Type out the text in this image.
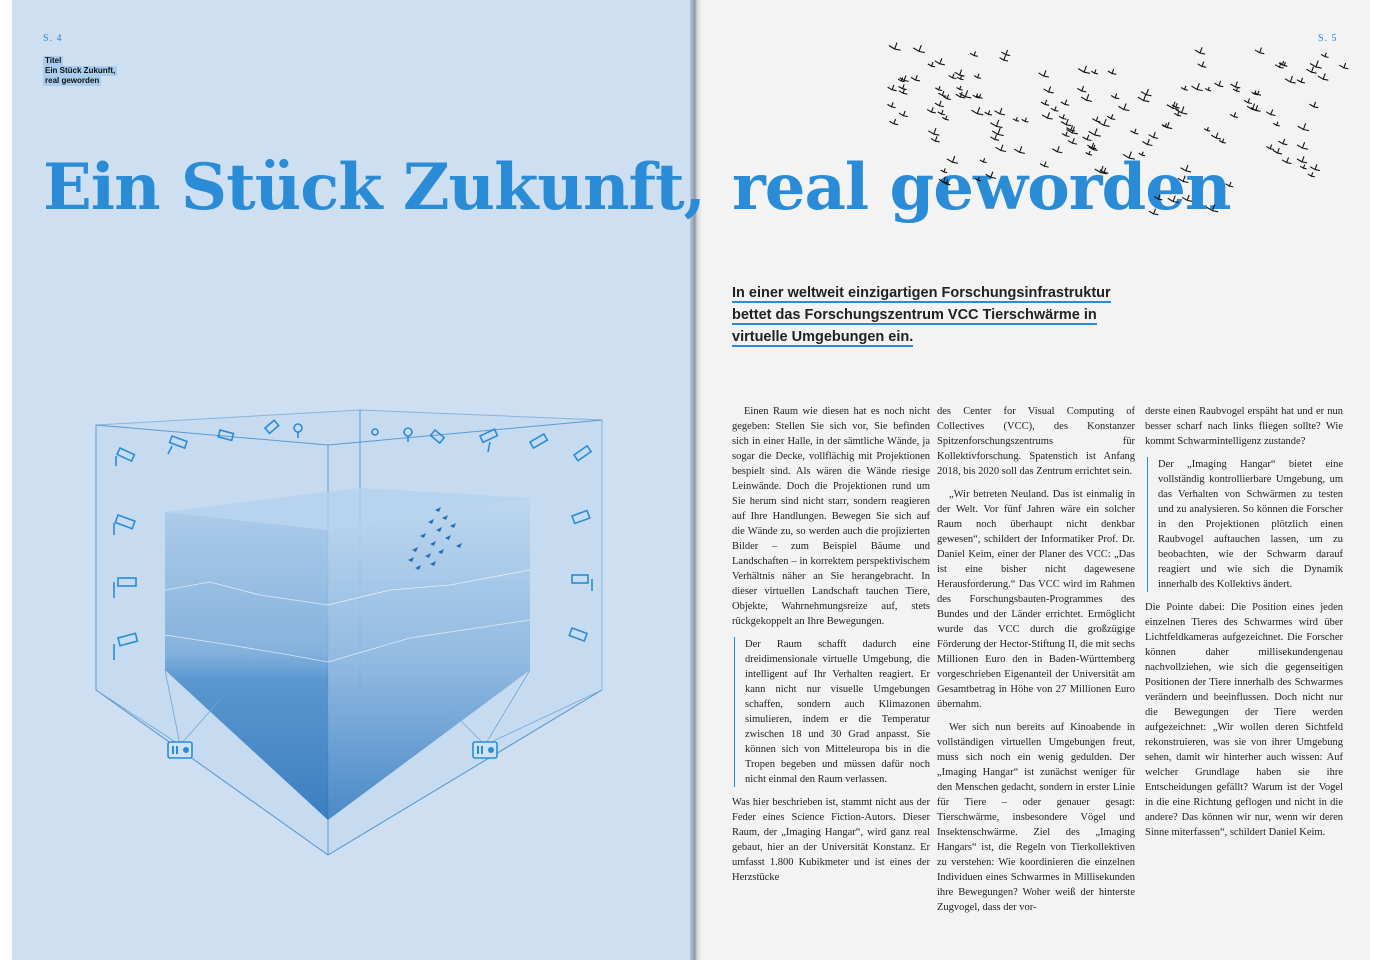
S. 4
Titel
Ein Stück Zukunft,
real geworden
Ein Stück Zukunft,
S. 5
real geworden
In einer weltweit einzigartigen Forschungsinfrastruktur
bettet das Forschungszentrum VCC Tierschwärme in
virtuelle Umgebungen ein.

Einen Raum wie diesen hat es noch nicht gegeben: Stellen Sie sich vor, Sie befinden sich in einer Halle, in der sämtliche Wände, ja sogar die Decke, vollflächig mit Projektionen bespielt sind. Als wären die Wände riesige Leinwände. Doch die Projektionen rund um Sie herum sind nicht starr, sondern reagieren auf Ihre Handlungen. Bewegen Sie sich auf die Wände zu, so werden auch die projizierten Bilder – zum Beispiel Bäume und Landschaften – in korrektem perspektivischem Verhältnis näher an Sie herangebracht. In dieser virtuellen Landschaft tauchen Tiere, Objekte, Wahrnehmungsreize auf, stets rückgekoppelt an Ihre Bewegungen.

Der Raum schafft dadurch eine dreidimensionale virtuelle Umgebung, die intelligent auf Ihr Verhalten reagiert. Er kann nicht nur visuelle Umgebungen schaffen, sondern auch Klimazonen simulieren, indem er die Temperatur zwischen 18 und 30 Grad anpasst. Sie können sich von Mitteleuropa bis in die Tropen begeben und müssen dafür noch nicht einmal den Raum verlassen.

Was hier beschrieben ist, stammt nicht aus der Feder eines Science Fiction-Autors. Dieser Raum, der „Imaging Hangar“, wird ganz real gebaut, hier an der Universität Konstanz. Er umfasst 1.800 Kubikmeter und ist eines der Herzstücke

des Center for Visual Computing of Collectives (VCC), des Konstanzer Spitzenforschungszentrums für Kollektivforschung. Spatenstich ist Anfang 2018, bis 2020 soll das Zentrum errichtet sein.

„Wir betreten Neuland. Das ist einmalig in der Welt. Vor fünf Jahren wäre ein solcher Raum noch überhaupt nicht denkbar gewesen“, schildert der Informatiker Prof. Dr. Daniel Keim, einer der Planer des VCC: „Das ist eine bisher nicht dagewesene Herausforderung.“ Das VCC wird im Rahmen des Forschungsbauten-Programmes des Bundes und der Länder errichtet. Ermöglicht wurde das VCC durch die großzügige Förderung der Hector-Stiftung II, die mit sechs Millionen Euro den in Baden-Württemberg vorgeschrieben Eigenanteil der Universität am Gesamtbetrag in Höhe von 27 Millionen Euro übernahm.

Wer sich nun bereits auf Kinoabende in vollständigen virtuellen Umgebungen freut, muss sich noch ein wenig gedulden. Der „Imaging Hangar“ ist zunächst weniger für den Menschen gedacht, sondern in erster Linie für Tiere – oder genauer gesagt: Tierschwärme, insbesondere Vögel und Insektenschwärme. Ziel des „Imaging Hangars“ ist, die Regeln von Tierkollektiven zu verstehen: Wie koordinieren die einzelnen Individuen eines Schwarmes in Millisekunden ihre Bewegungen? Woher weiß der hinterste Zugvogel, dass der vor-

derste einen Raubvogel erspäht hat und er nun besser scharf nach links fliegen sollte? Wie kommt Schwarmintelligenz zustande?

Der „Imaging Hangar“ bietet eine vollständig kontrollierbare Umgebung, um das Verhalten von Schwärmen zu testen und zu analysieren. So können die Forscher in den Projektionen plötzlich einen Raubvogel auftauchen lassen, um zu beobachten, wie der Schwarm darauf reagiert und wie sich die Dynamik innerhalb des Kollektivs ändert.

Die Pointe dabei: Die Position eines jeden einzelnen Tieres des Schwarmes wird über Lichtfeldkameras aufgezeichnet. Die Forscher können daher millisekundengenau nachvollziehen, wie sich die gegenseitigen Positionen der Tiere innerhalb des Schwarmes verändern und beeinflussen. Doch nicht nur die Bewegungen der Tiere werden aufgezeichnet: „Wir wollen deren Sichtfeld rekonstruieren, was sie von ihrer Umgebung sehen, damit wir hinterher auch wissen: Auf welcher Grundlage haben sie ihre Entscheidungen gefällt? Warum ist der Vogel in die eine Richtung geflogen und nicht in die andere? Das können wir nur, wenn wir deren Sinne miterfassen“, schildert Daniel Keim.
